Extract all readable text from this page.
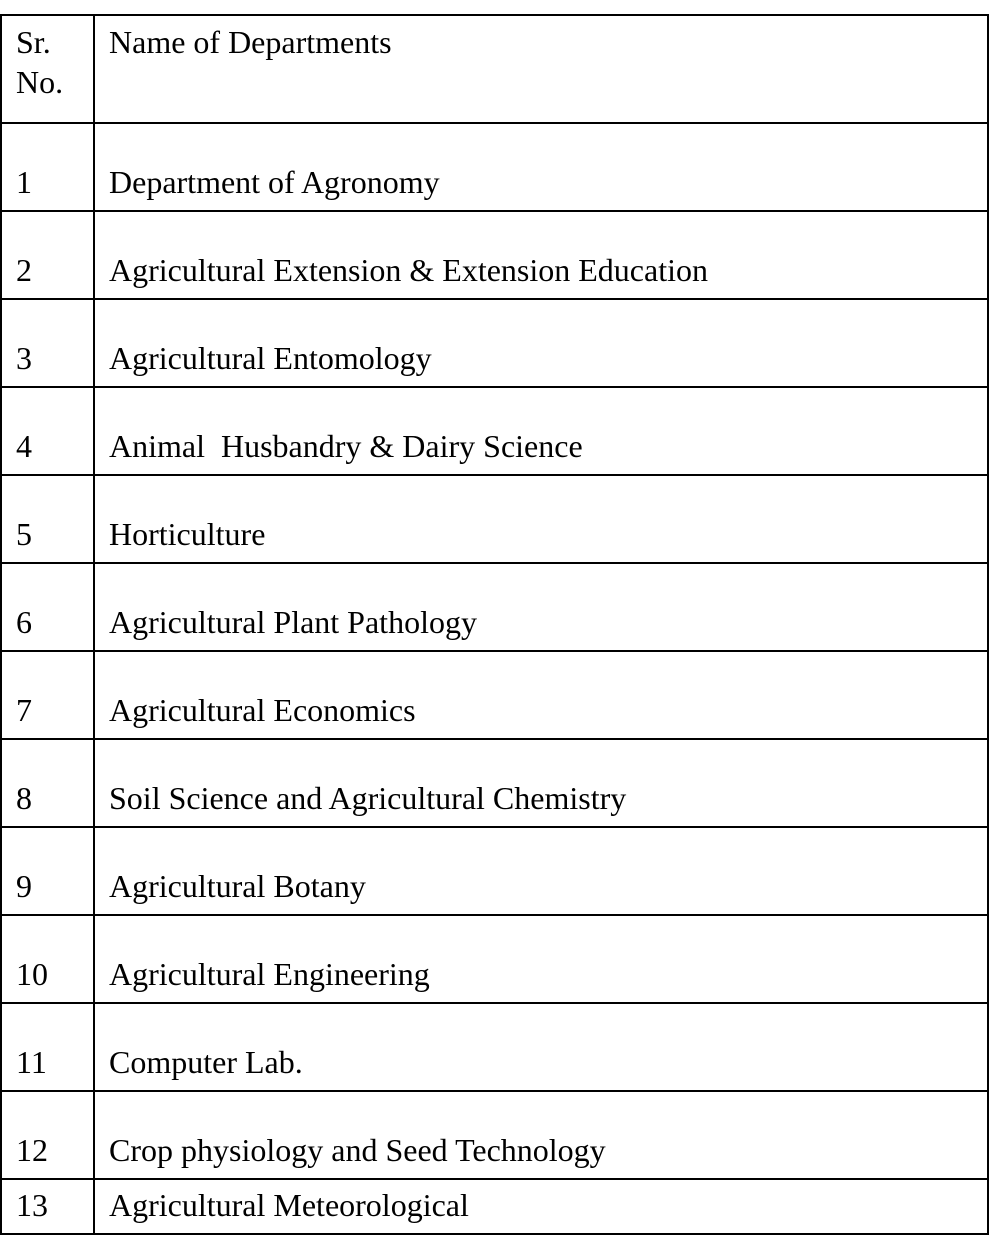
Sr.
No.	Name of Departments
1	Department of Agronomy
2	Agricultural Extension & Extension Education
3	Agricultural Entomology
4	Animal  Husbandry & Dairy Science
5	Horticulture
6	Agricultural Plant Pathology
7	Agricultural Economics
8	Soil Science and Agricultural Chemistry
9	Agricultural Botany
10	Agricultural Engineering
11	Computer Lab.
12	Crop physiology and Seed Technology
13	Agricultural Meteorological
